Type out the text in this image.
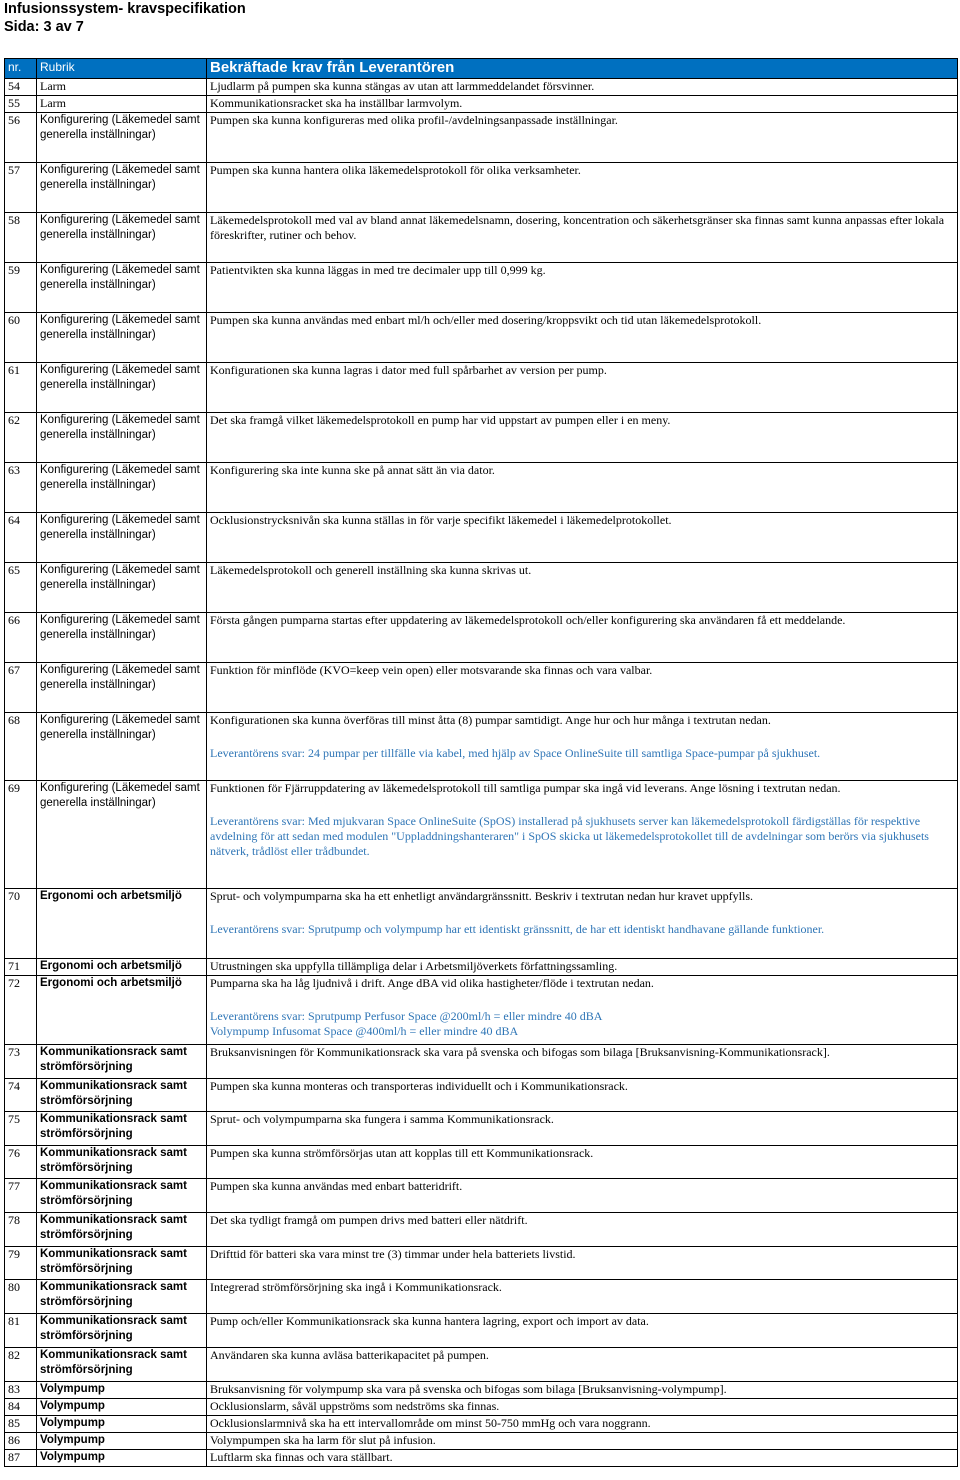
Infusionssystem- kravspecifikation
Sida: 3 av 7
nr.	Rubrik	Bekräftade krav från Leverantören
54	Larm	Ljudlarm på pumpen ska kunna stängas av utan att larmmeddelandet försvinner.

55	Larm	Kommunikationsracket ska ha inställbar larmvolym.

56	Konfigurering (Läkemedel samt generella inställningar)	Pumpen ska kunna konfigureras med olika profil-/avdelningsanpassade inställningar.

57	Konfigurering (Läkemedel samt generella inställningar)	Pumpen ska kunna hantera olika läkemedelsprotokoll för olika verksamheter.

58	Konfigurering (Läkemedel samt generella inställningar)	Läkemedelsprotokoll med val av bland annat läkemedelsnamn, dosering, koncentration och säkerhetsgränser ska finnas samt kunna anpassas efter lokala föreskrifter, rutiner och behov.

59	Konfigurering (Läkemedel samt generella inställningar)	Patientvikten ska kunna läggas in med tre decimaler upp till 0,999 kg.

60	Konfigurering (Läkemedel samt generella inställningar)	Pumpen ska kunna användas med enbart ml/h och/eller med dosering/kroppsvikt och tid utan läkemedelsprotokoll.

61	Konfigurering (Läkemedel samt generella inställningar)	Konfigurationen ska kunna lagras i dator med full spårbarhet av version per pump.

62	Konfigurering (Läkemedel samt generella inställningar)	Det ska framgå vilket läkemedelsprotokoll en pump har vid uppstart av pumpen eller i en meny.

63	Konfigurering (Läkemedel samt generella inställningar)	Konfigurering ska inte kunna ske på annat sätt än via dator.

64	Konfigurering (Läkemedel samt generella inställningar)	Ocklusionstrycksnivån ska kunna ställas in för varje specifikt läkemedel i läkemedelprotokollet.

65	Konfigurering (Läkemedel samt generella inställningar)	Läkemedelsprotokoll och generell inställning ska kunna skrivas ut.

66	Konfigurering (Läkemedel samt generella inställningar)	Första gången pumparna startas efter uppdatering av läkemedelsprotokoll och/eller konfigurering ska användaren få ett meddelande.

67	Konfigurering (Läkemedel samt generella inställningar)	Funktion för minflöde (KVO=keep vein open) eller motsvarande ska finnas och vara valbar.

68	Konfigurering (Läkemedel samt generella inställningar)	Konfigurationen ska kunna överföras till minst åtta (8) pumpar samtidigt. Ange hur och hur många i textrutan nedan.
Leverantörens svar: 24 pumpar per tillfälle via kabel, med hjälp av Space OnlineSuite till samtliga Space-pumpar på sjukhuset.

69	Konfigurering (Läkemedel samt generella inställningar)	Funktionen för Fjärruppdatering av läkemedelsprotokoll till samtliga pumpar ska ingå vid leverans. Ange lösning i textrutan nedan.
Leverantörens svar: Med mjukvaran Space OnlineSuite (SpOS) installerad på sjukhusets server kan läkemedelsprotokoll färdigställas för respektive avdelning för att sedan med modulen "Uppladdningshanteraren" i SpOS skicka ut läkemedelsprotokollet till de avdelningar som berörs via sjukhusets nätverk, trådlöst eller trådbundet.

70	Ergonomi och arbetsmiljö	Sprut- och volympumparna ska ha ett enhetligt användargränssnitt. Beskriv i textrutan nedan hur kravet uppfylls.
Leverantörens svar: Sprutpump och volympump har ett identiskt gränssnitt, de har ett identiskt handhavane gällande funktioner.

71	Ergonomi och arbetsmiljö	Utrustningen ska uppfylla tillämpliga delar i Arbetsmiljöverkets författningssamling.

72	Ergonomi och arbetsmiljö	Pumparna ska ha låg ljudnivå i drift. Ange dBA vid olika hastigheter/flöde i textrutan nedan.
Leverantörens svar: Sprutpump Perfusor Space @200ml/h = eller mindre 40 dBA
Volympump Infusomat Space @400ml/h = eller mindre 40 dBA

73	Kommunikationsrack samt strömförsörjning	Bruksanvisningen för Kommunikationsrack ska vara på svenska och bifogas som bilaga [Bruksanvisning-Kommunikationsrack].

74	Kommunikationsrack samt strömförsörjning	Pumpen ska kunna monteras och transporteras individuellt och i Kommunikationsrack.

75	Kommunikationsrack samt strömförsörjning	Sprut- och volympumparna ska fungera i samma Kommunikationsrack.

76	Kommunikationsrack samt strömförsörjning	Pumpen ska kunna strömförsörjas utan att kopplas till ett Kommunikationsrack.

77	Kommunikationsrack samt strömförsörjning	Pumpen ska kunna användas med enbart batteridrift.

78	Kommunikationsrack samt strömförsörjning	Det ska tydligt framgå om pumpen drivs med batteri eller nätdrift.

79	Kommunikationsrack samt strömförsörjning	Drifttid för batteri ska vara minst tre (3) timmar under hela batteriets livstid.

80	Kommunikationsrack samt strömförsörjning	Integrerad strömförsörjning ska ingå i Kommunikationsrack.

81	Kommunikationsrack samt strömförsörjning	Pump och/eller Kommunikationsrack ska kunna hantera lagring, export och import av data.

82	Kommunikationsrack samt strömförsörjning	Användaren ska kunna avläsa batterikapacitet på pumpen.

83	Volympump	Bruksanvisning för volympump ska vara på svenska och bifogas som bilaga [Bruksanvisning-volympump].

84	Volympump	Ocklusionslarm, såväl uppströms som nedströms ska finnas.

85	Volympump	Ocklusionslarmnivå ska ha ett intervallområde om minst 50-750 mmHg och vara noggrann.

86	Volympump	Volympumpen ska ha larm för slut på infusion.

87	Volympump	Luftlarm ska finnas och vara ställbart.
